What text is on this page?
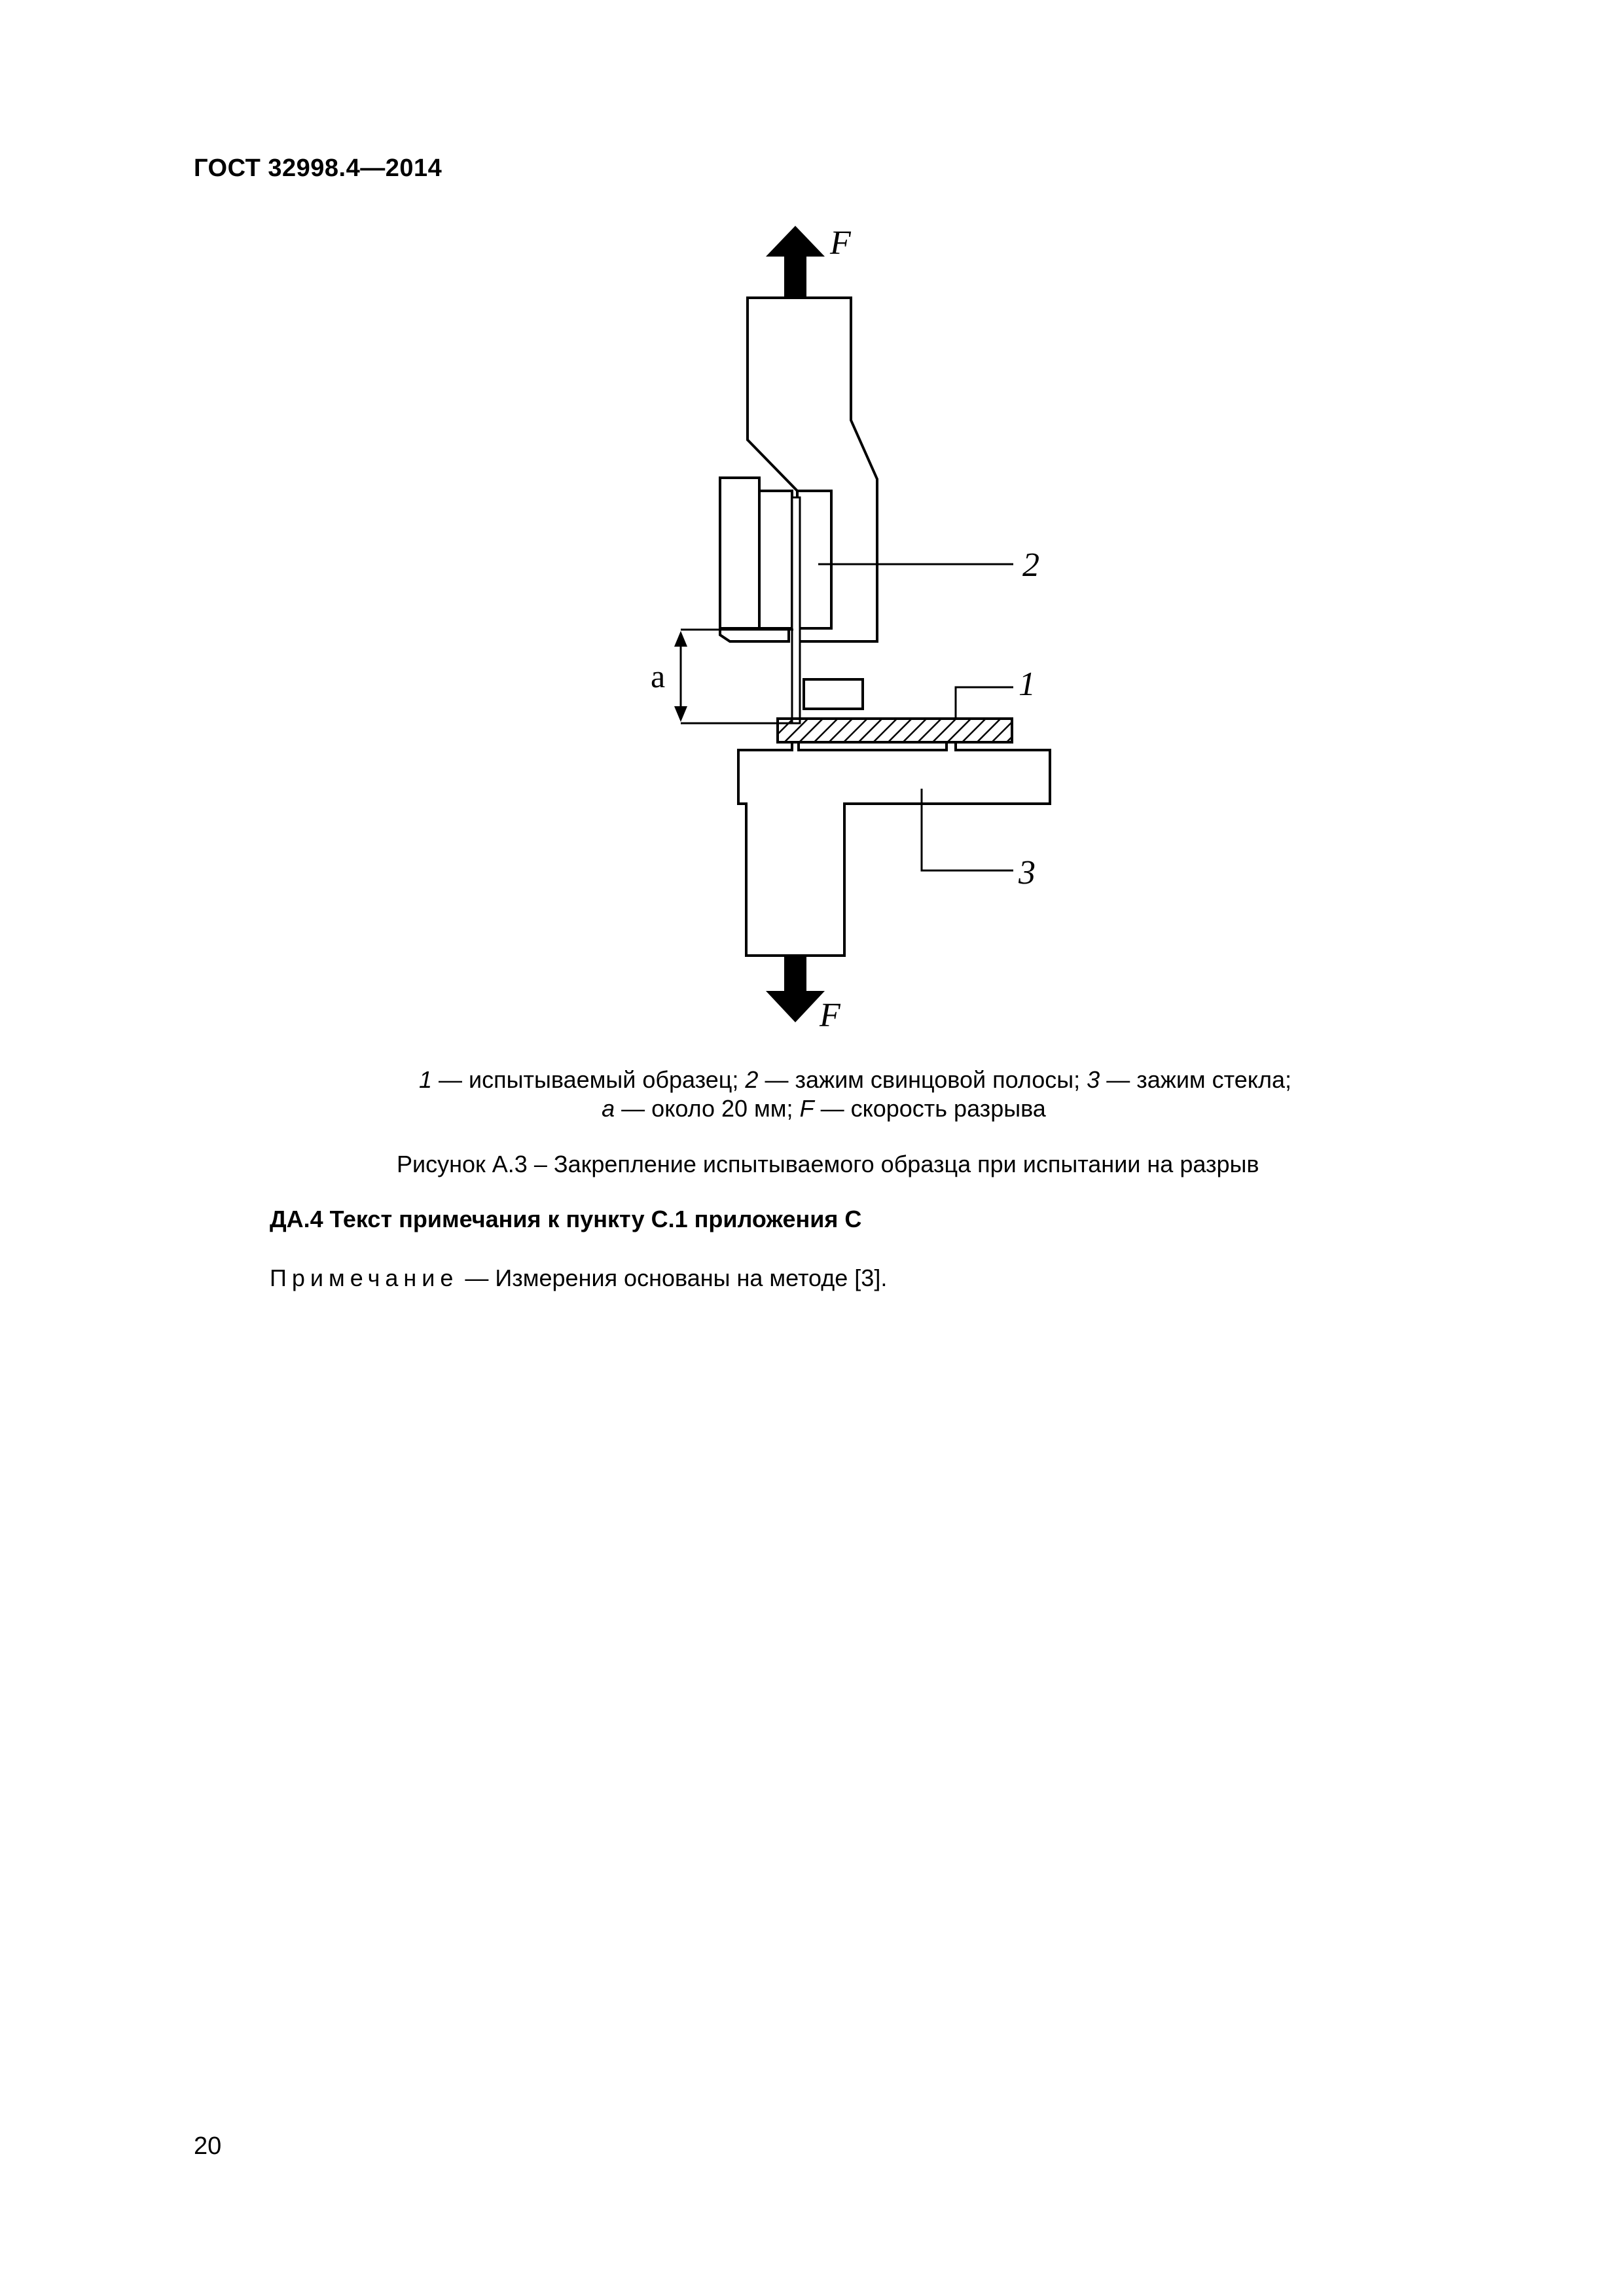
ГОСТ 32998.4—2014
F
2
a	1
3
F
1 — испытываемый образец; 2 — зажим свинцовой полосы; 3 — зажим стекла;
a — около 20 мм; F — скорость разрыва
Рисунок А.3 – Закрепление испытываемого образца при испытании на разрыв
ДА.4 Текст примечания к пункту С.1 приложения С
Примечание — Измерения основаны на методе [3].
20
